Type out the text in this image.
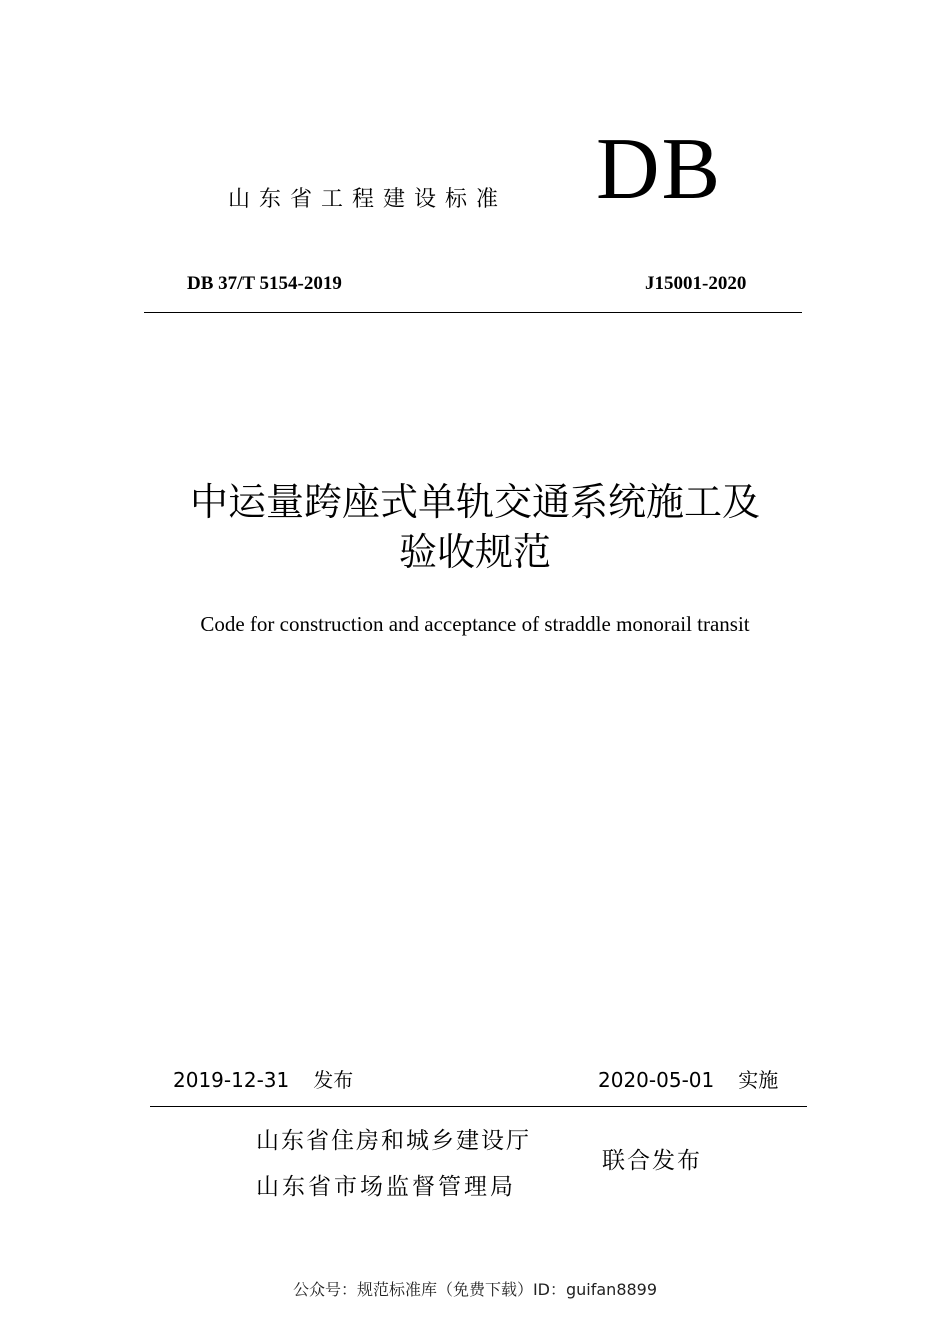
山东省工程建设标准 DB
DB 37/T 5154-2019	J15001-2020
中运量跨座式单轨交通系统施工及
验收规范
Code for construction and acceptance of straddle monorail transit
2019-12-31 发布	2020-05-01 实施
山东省住房和城乡建设厅
山东省市场监督管理局
联合发布
公众号：规范标准库（免费下载）ID：guifan8899
